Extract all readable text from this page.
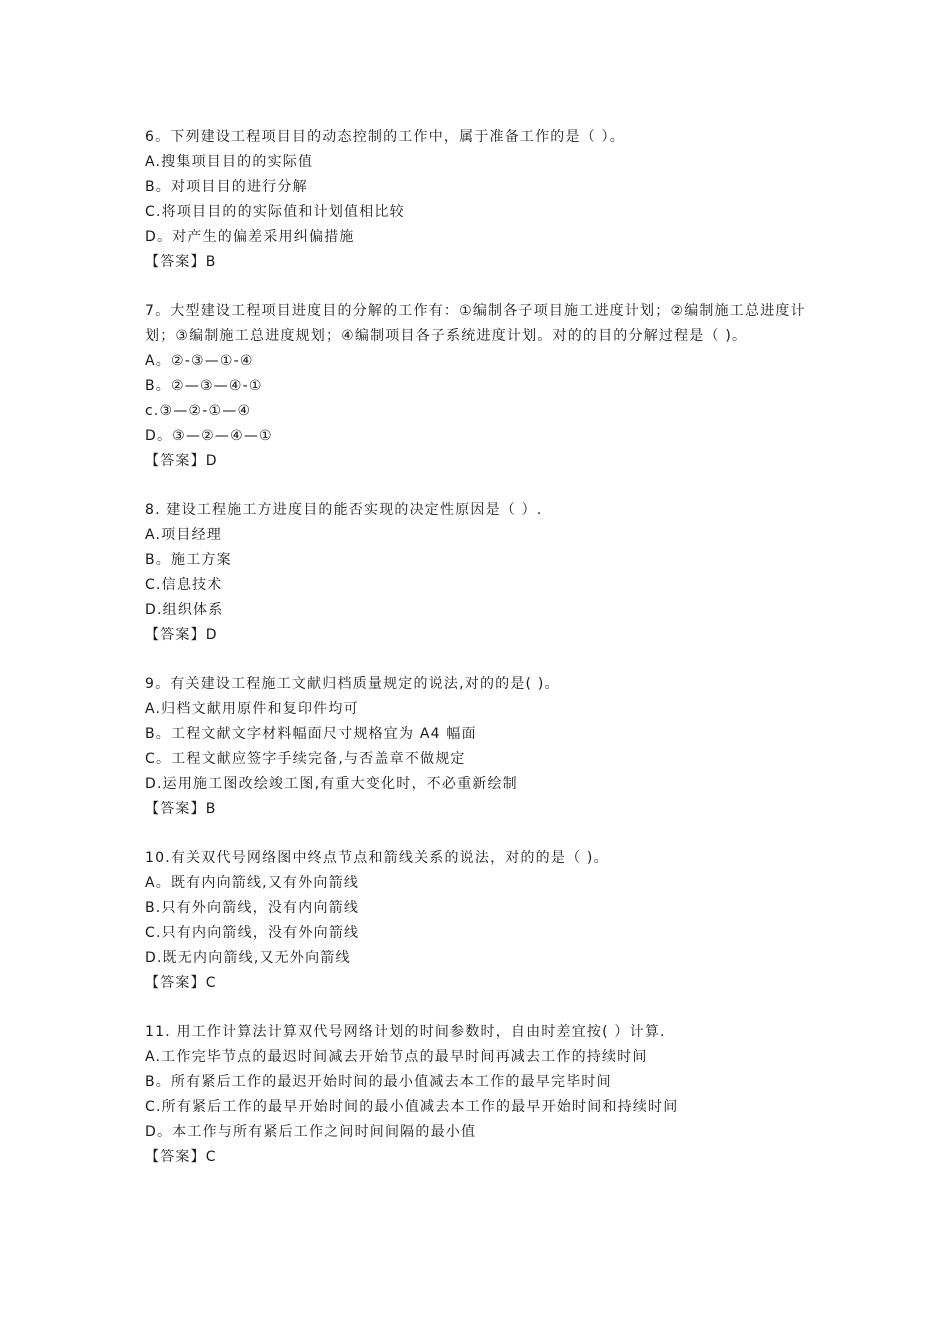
6。下列建设工程项目目的动态控制的工作中，属于准备工作的是（ ）。
A.搜集项目目的的实际值
B。对项目目的进行分解
C.将项目目的的实际值和计划值相比较
D。对产生的偏差采用纠偏措施
【答案】B
7。大型建设工程项目进度目的分解的工作有：①编制各子项目施工进度计划；②编制施工总进度计划；③编制施工总进度规划；④编制项目各子系统进度计划。对的的目的分解过程是（ )。
A。②-③—①-④
B。②—③—④-①
c.③—②-①—④
D。③—②—④—①
【答案】D
8. 建设工程施工方进度目的能否实现的决定性原因是（ ）.
A.项目经理
B。施工方案
C.信息技术
D.组织体系
【答案】D
9。有关建设工程施工文献归档质量规定的说法,对的的是( )。
A.归档文献用原件和复印件均可
B。工程文献文字材料幅面尺寸规格宜为 A4 幅面
C。工程文献应签字手续完备,与否盖章不做规定
D.运用施工图改绘竣工图,有重大变化时，不必重新绘制
【答案】B
10.有关双代号网络图中终点节点和箭线关系的说法，对的的是（ )。
A。既有内向箭线,又有外向箭线
B.只有外向箭线，没有内向箭线
C.只有内向箭线，没有外向箭线
D.既无内向箭线,又无外向箭线
【答案】C
11. 用工作计算法计算双代号网络计划的时间参数时，自由时差宜按( ）计算.
A.工作完毕节点的最迟时间减去开始节点的最早时间再减去工作的持续时间
B。所有紧后工作的最迟开始时间的最小值减去本工作的最早完毕时间
C.所有紧后工作的最早开始时间的最小值减去本工作的最早开始时间和持续时间
D。本工作与所有紧后工作之间时间间隔的最小值
【答案】C
